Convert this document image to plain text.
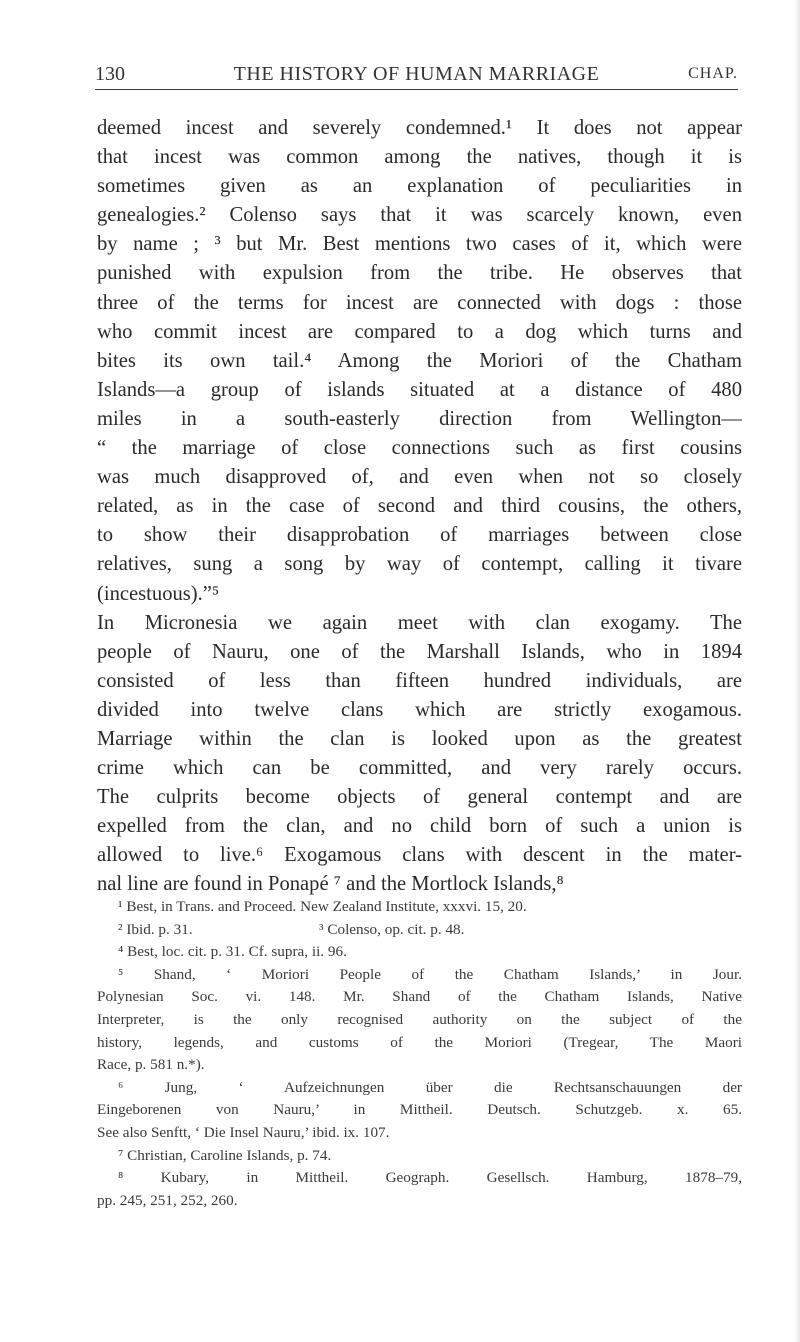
130	THE HISTORY OF HUMAN MARRIAGE	CHAP.
deemed incest and severely condemned.¹ It does not appear
that incest was common among the natives, though it is
sometimes given as an explanation of peculiarities in
genealogies.² Colenso says that it was scarcely known, even
by name ; ³ but Mr. Best mentions two cases of it, which were
punished with expulsion from the tribe. He observes that
three of the terms for incest are connected with dogs : those
who commit incest are compared to a dog which turns and
bites its own tail.⁴ Among the Moriori of the Chatham
Islands—a group of islands situated at a distance of 480
miles in a south-easterly direction from Wellington—
“ the marriage of close connections such as first cousins
was much disapproved of, and even when not so closely
related, as in the case of second and third cousins, the others,
to show their disapprobation of marriages between close
relatives, sung a song by way of contempt, calling it tivare
(incestuous).”⁵
In Micronesia we again meet with clan exogamy. The
people of Nauru, one of the Marshall Islands, who in 1894
consisted of less than fifteen hundred individuals, are
divided into twelve clans which are strictly exogamous.
Marriage within the clan is looked upon as the greatest
crime which can be committed, and very rarely occurs.
The culprits become objects of general contempt and are
expelled from the clan, and no child born of such a union is
allowed to live.⁶ Exogamous clans with descent in the mater-
nal line are found in Ponapé ⁷ and the Mortlock Islands,⁸
¹ Best, in Trans. and Proceed. New Zealand Institute, xxxvi. 15, 20.
² Ibid. p. 31.	³ Colenso, op. cit. p. 48.
⁴ Best, loc. cit. p. 31. Cf. supra, ii. 96.
⁵ Shand, ‘ Moriori People of the Chatham Islands,’ in Jour.
Polynesian Soc. vi. 148. Mr. Shand of the Chatham Islands, Native
Interpreter, is the only recognised authority on the subject of the
history, legends, and customs of the Moriori (Tregear, The Maori
Race, p. 581 n.*).
⁶ Jung, ‘ Aufzeichnungen über die Rechtsanschauungen der
Eingeborenen von Nauru,’ in Mittheil. Deutsch. Schutzgeb. x. 65.
See also Senftt, ‘ Die Insel Nauru,’ ibid. ix. 107.
⁷ Christian, Caroline Islands, p. 74.
⁸ Kubary, in Mittheil. Geograph. Gesellsch. Hamburg, 1878–79,
pp. 245, 251, 252, 260.
